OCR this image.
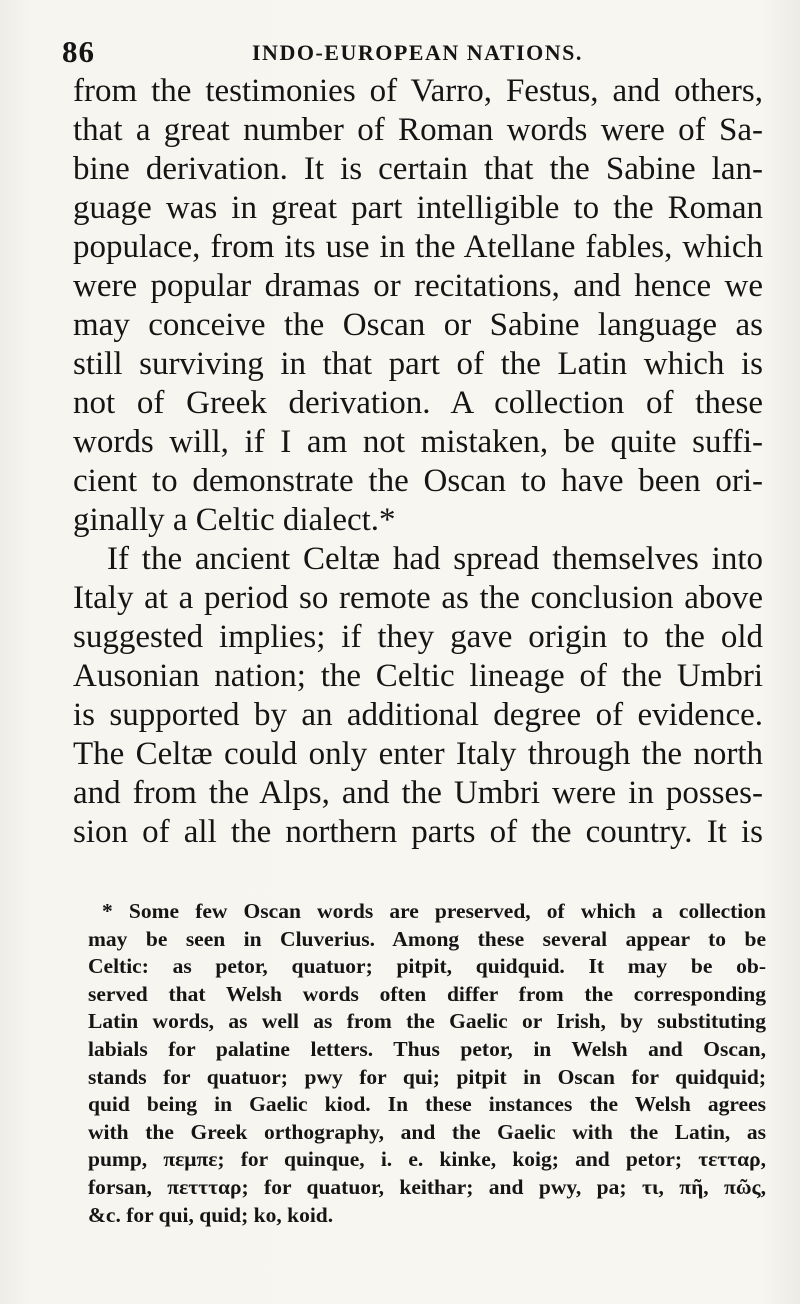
86	INDO-EUROPEAN NATIONS.
from the testimonies of Varro, Festus, and others,
that a great number of Roman words were of Sa-
bine derivation. It is certain that the Sabine lan-
guage was in great part intelligible to the Roman
populace, from its use in the Atellane fables, which
were popular dramas or recitations, and hence we
may conceive the Oscan or Sabine language as
still surviving in that part of the Latin which is
not of Greek derivation. A collection of these
words will, if I am not mistaken, be quite suffi-
cient to demonstrate the Oscan to have been ori-
ginally a Celtic dialect.*
If the ancient Celtæ had spread themselves into
Italy at a period so remote as the conclusion above
suggested implies; if they gave origin to the old
Ausonian nation; the Celtic lineage of the Umbri
is supported by an additional degree of evidence.
The Celtæ could only enter Italy through the north
and from the Alps, and the Umbri were in posses-
sion of all the northern parts of the country. It is
* Some few Oscan words are preserved, of which a collection
may be seen in Cluverius. Among these several appear to be
Celtic: as petor, quatuor; pitpit, quidquid. It may be ob-
served that Welsh words often differ from the corresponding
Latin words, as well as from the Gaelic or Irish, by substituting
labials for palatine letters. Thus petor, in Welsh and Oscan,
stands for quatuor; pwy for qui; pitpit in Oscan for quidquid;
quid being in Gaelic kiod. In these instances the Welsh agrees
with the Greek orthography, and the Gaelic with the Latin, as
pump, πεμπε; for quinque, i. e. kinke, koig; and petor; τετταρ,
forsan, πεττταρ; for quatuor, keithar; and pwy, pa; τι, πῆ, πῶς,
&c. for qui, quid; ko, koid.
